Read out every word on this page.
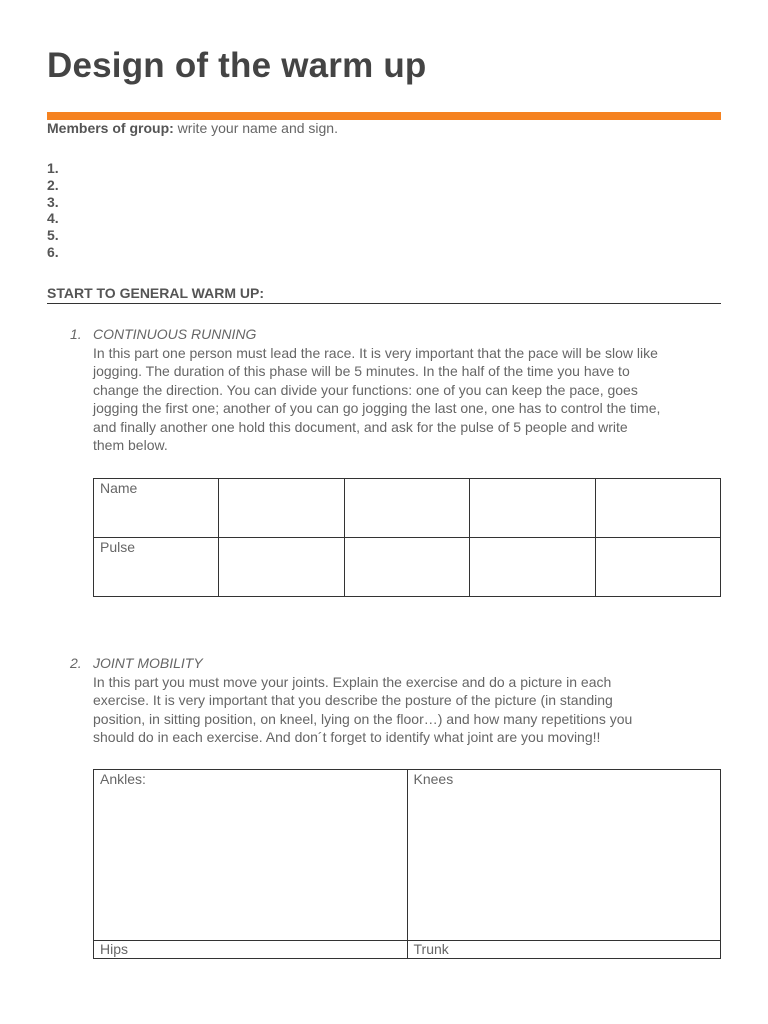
Design of the warm up
Members of group: write your name and sign.
1.
2.
3.
4.
5.
6.
START TO GENERAL WARM UP:
1. CONTINUOUS RUNNING

In this part one person must lead the race. It is very important that the pace will be slow like
jogging. The duration of this phase will be 5 minutes. In the half of the time you have to
change the direction. You can divide your functions: one of you can keep the pace, goes
jogging the first one; another of you can go jogging the last one, one has to control the time,
and finally another one hold this document, and ask for the pulse of 5 people and write
them below.

Name				
Pulse				
2. JOINT MOBILITY

In this part you must move your joints. Explain the exercise and do a picture in each
exercise. It is very important that you describe the posture of the picture (in standing
position, in sitting position, on kneel, lying on the floor…) and how many repetitions you
should do in each exercise. And don´t forget to identify what joint are you moving!!

Ankles:	Knees
Hips	Trunk
